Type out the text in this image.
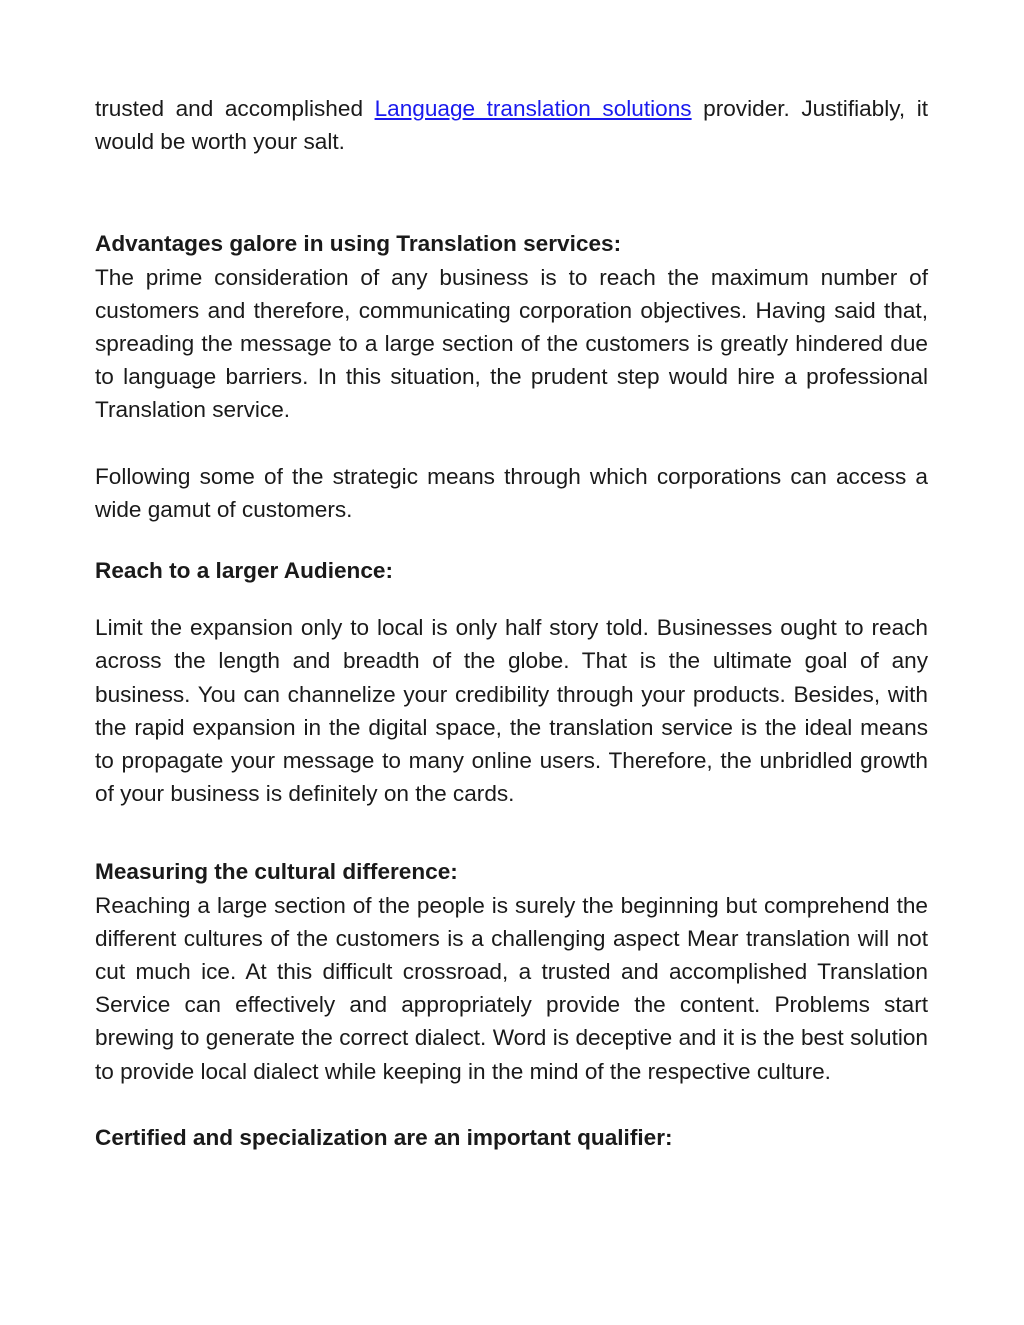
trusted and accomplished Language translation solutions provider. Justifiably, it would be worth your salt.

Advantages galore in using Translation services:

The prime consideration of any business is to reach the maximum number of customers and therefore, communicating corporation objectives. Having said that, spreading the message to a large section of the customers is greatly hindered due to language barriers. In this situation, the prudent step would hire a professional Translation service.

Following some of the strategic means through which corporations can access a wide gamut of customers.

Reach to a larger Audience:

Limit the expansion only to local is only half story told. Businesses ought to reach across the length and breadth of the globe. That is the ultimate goal of any business. You can channelize your credibility through your products. Besides, with the rapid expansion in the digital space, the translation service is the ideal means to propagate your message to many online users. Therefore, the unbridled growth of your business is definitely on the cards.

Measuring the cultural difference:

Reaching a large section of the people is surely the beginning but comprehend the different cultures of the customers is a challenging aspect Mear translation will not cut much ice. At this difficult crossroad, a trusted and accomplished Translation Service can effectively and appropriately provide the content. Problems start brewing to generate the correct dialect. Word is deceptive and it is the best solution to provide local dialect while keeping in the mind of the respective culture.

Certified and specialization are an important qualifier:
